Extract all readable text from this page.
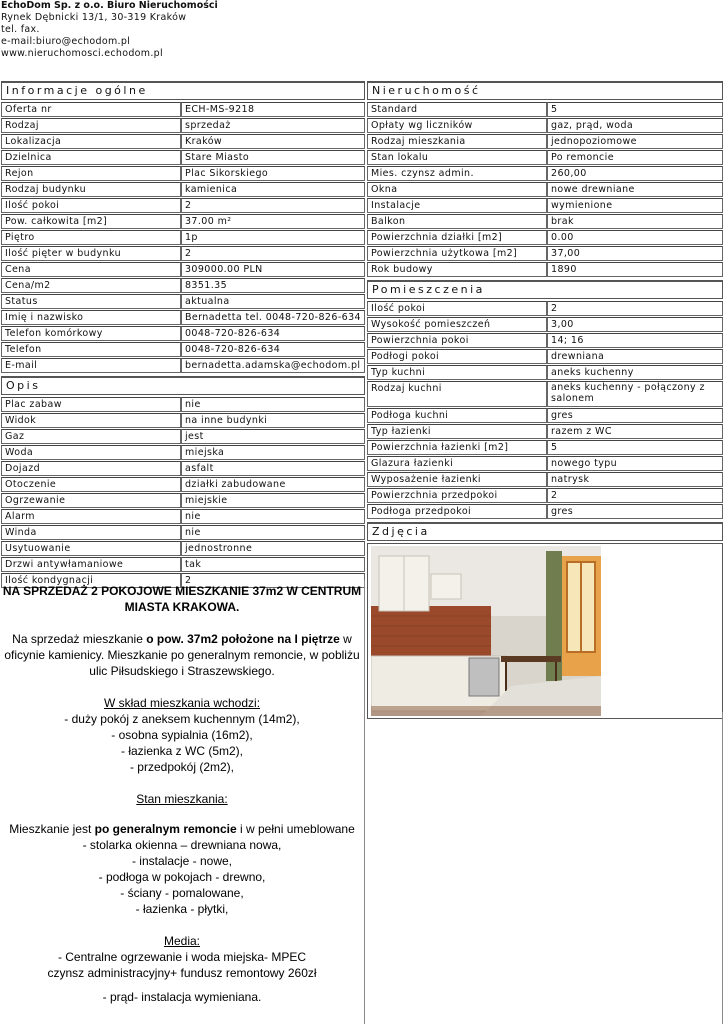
EchoDom Sp. z o.o. Biuro Nieruchomości
Rynek Dębnicki 13/1, 30-319 Kraków
tel. fax.
e-mail:biuro@echodom.pl
www.nieruchomosci.echodom.pl
Informacje ogólne
Oferta nr	ECH-MS-9218
Rodzaj	sprzedaż
Lokalizacja	Kraków
Dzielnica	Stare Miasto
Rejon	Plac Sikorskiego
Rodzaj budynku	kamienica
Ilość pokoi	2
Pow. całkowita [m2]	37.00 m²
Piętro	1p
Ilość pięter w budynku	2
Cena	309000.00 PLN
Cena/m2	8351.35
Status	aktualna
Imię i nazwisko	Bernadetta tel. 0048-720-826-634
Telefon komórkowy	0048-720-826-634
Telefon	0048-720-826-634
E-mail	bernadetta.adamska@echodom.pl
Opis
Plac zabaw	nie
Widok	na inne budynki
Gaz	jest
Woda	miejska
Dojazd	asfalt
Otoczenie	działki zabudowane
Ogrzewanie	miejskie
Alarm	nie
Winda	nie
Usytuowanie	jednostronne
Drzwi antywłamaniowe	tak
Ilość kondygnacji	2
Nieruchomość
Standard	5
Opłaty wg liczników	gaz, prąd, woda
Rodzaj mieszkania	jednopoziomowe
Stan lokalu	Po remoncie
Mies. czynsz admin.	260,00
Okna	nowe drewniane
Instalacje	wymienione
Balkon	brak
Powierzchnia działki [m2]	0.00
Powierzchnia użytkowa [m2]	37,00
Rok budowy	1890
Pomieszczenia
Ilość pokoi	2
Wysokość pomieszczeń	3,00
Powierzchnia pokoi	14; 16
Podłogi pokoi	drewniana
Typ kuchni	aneks kuchenny
Rodzaj kuchni	aneks kuchenny - połączony z salonem
Podłoga kuchni	gres
Typ łazienki	razem z WC
Powierzchnia łazienki [m2]	5
Glazura łazienki	nowego typu
Wyposażenie łazienki	natrysk
Powierzchnia przedpokoi	2
Podłoga przedpokoi	gres
Zdjęcia

NA SPRZEDAŻ 2 POKOJOWE MIESZKANIE 37m2 W CENTRUM MIASTA KRAKOWA.

Na sprzedaż mieszkanie o pow. 37m2 położone na I piętrze w oficynie kamienicy. Mieszkanie po generalnym remoncie, w pobliżu ulic Piłsudskiego i Straszewskiego.

W skład mieszkania wchodzi:

- duży pokój z aneksem kuchennym (14m2),

- osobna sypialnia (16m2),

- łazienka z WC (5m2),

- przedpokój (2m2),

Stan mieszkania:

Mieszkanie jest po generalnym remoncie i w pełni umeblowane

- stolarka okienna – drewniana nowa,

- instalacje - nowe,

- podłoga w pokojach - drewno,

- ściany - pomalowane,

- łazienka - płytki,

Media:

- Centralne ogrzewanie i woda miejska- MPEC

czynsz administracyjny+ fundusz remontowy 260zł

- prąd- instalacja wymieniana.
